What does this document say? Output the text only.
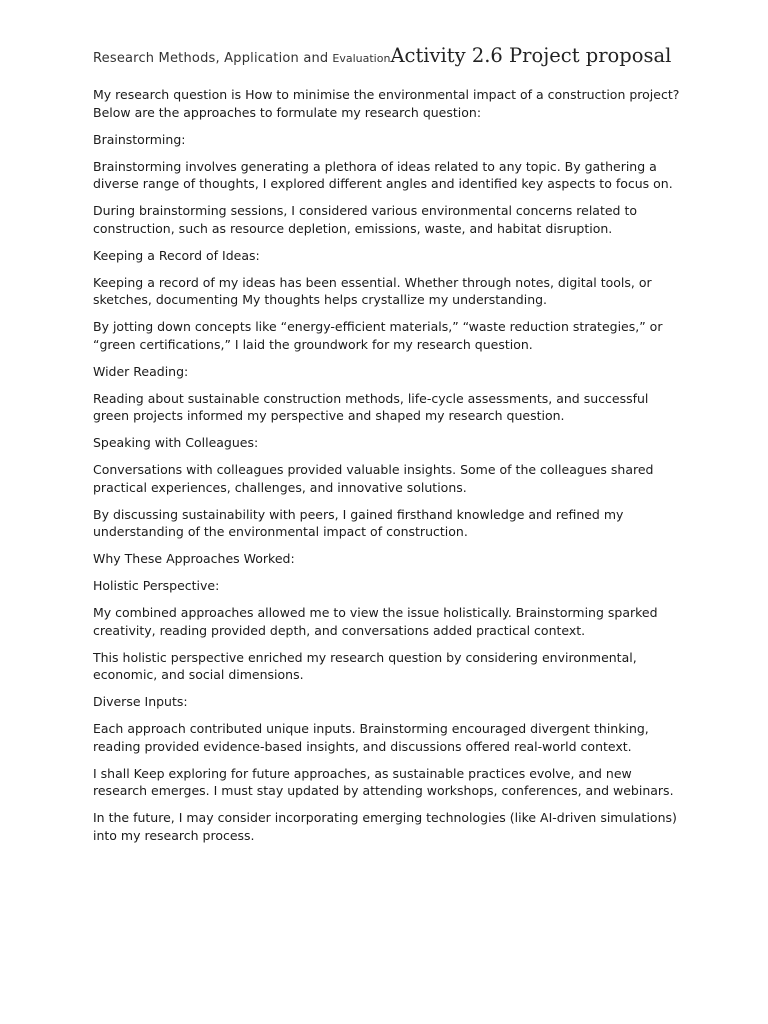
Research Methods, Application and EvaluationActivity 2.6 Project proposal

My research question is How to minimise the environmental impact of a construction project? Below are the approaches to formulate my research question:

Brainstorming:

Brainstorming involves generating a plethora of ideas related to any topic. By gathering a diverse range of thoughts, I explored different angles and identified key aspects to focus on.

During brainstorming sessions, I considered various environmental concerns related to construction, such as resource depletion, emissions, waste, and habitat disruption.

Keeping a Record of Ideas:

Keeping a record of my ideas has been essential. Whether through notes, digital tools, or sketches, documenting My thoughts helps crystallize my understanding.

By jotting down concepts like “energy-efficient materials,” “waste reduction strategies,” or “green certifications,” I laid the groundwork for my research question.

Wider Reading:

Reading about sustainable construction methods, life-cycle assessments, and successful green projects informed my perspective and shaped my research question.

Speaking with Colleagues:

Conversations with colleagues provided valuable insights. Some of the colleagues shared practical experiences, challenges, and innovative solutions.

By discussing sustainability with peers, I gained firsthand knowledge and refined my understanding of the environmental impact of construction.

Why These Approaches Worked:

Holistic Perspective:

My combined approaches allowed me to view the issue holistically. Brainstorming sparked creativity, reading provided depth, and conversations added practical context.

This holistic perspective enriched my research question by considering environmental, economic, and social dimensions.

Diverse Inputs:

Each approach contributed unique inputs. Brainstorming encouraged divergent thinking, reading provided evidence-based insights, and discussions offered real-world context.

I shall Keep exploring for future approaches, as sustainable practices evolve, and new research emerges. I must stay updated by attending workshops, conferences, and webinars.

In the future, I may consider incorporating emerging technologies (like AI-driven simulations) into my research process.
